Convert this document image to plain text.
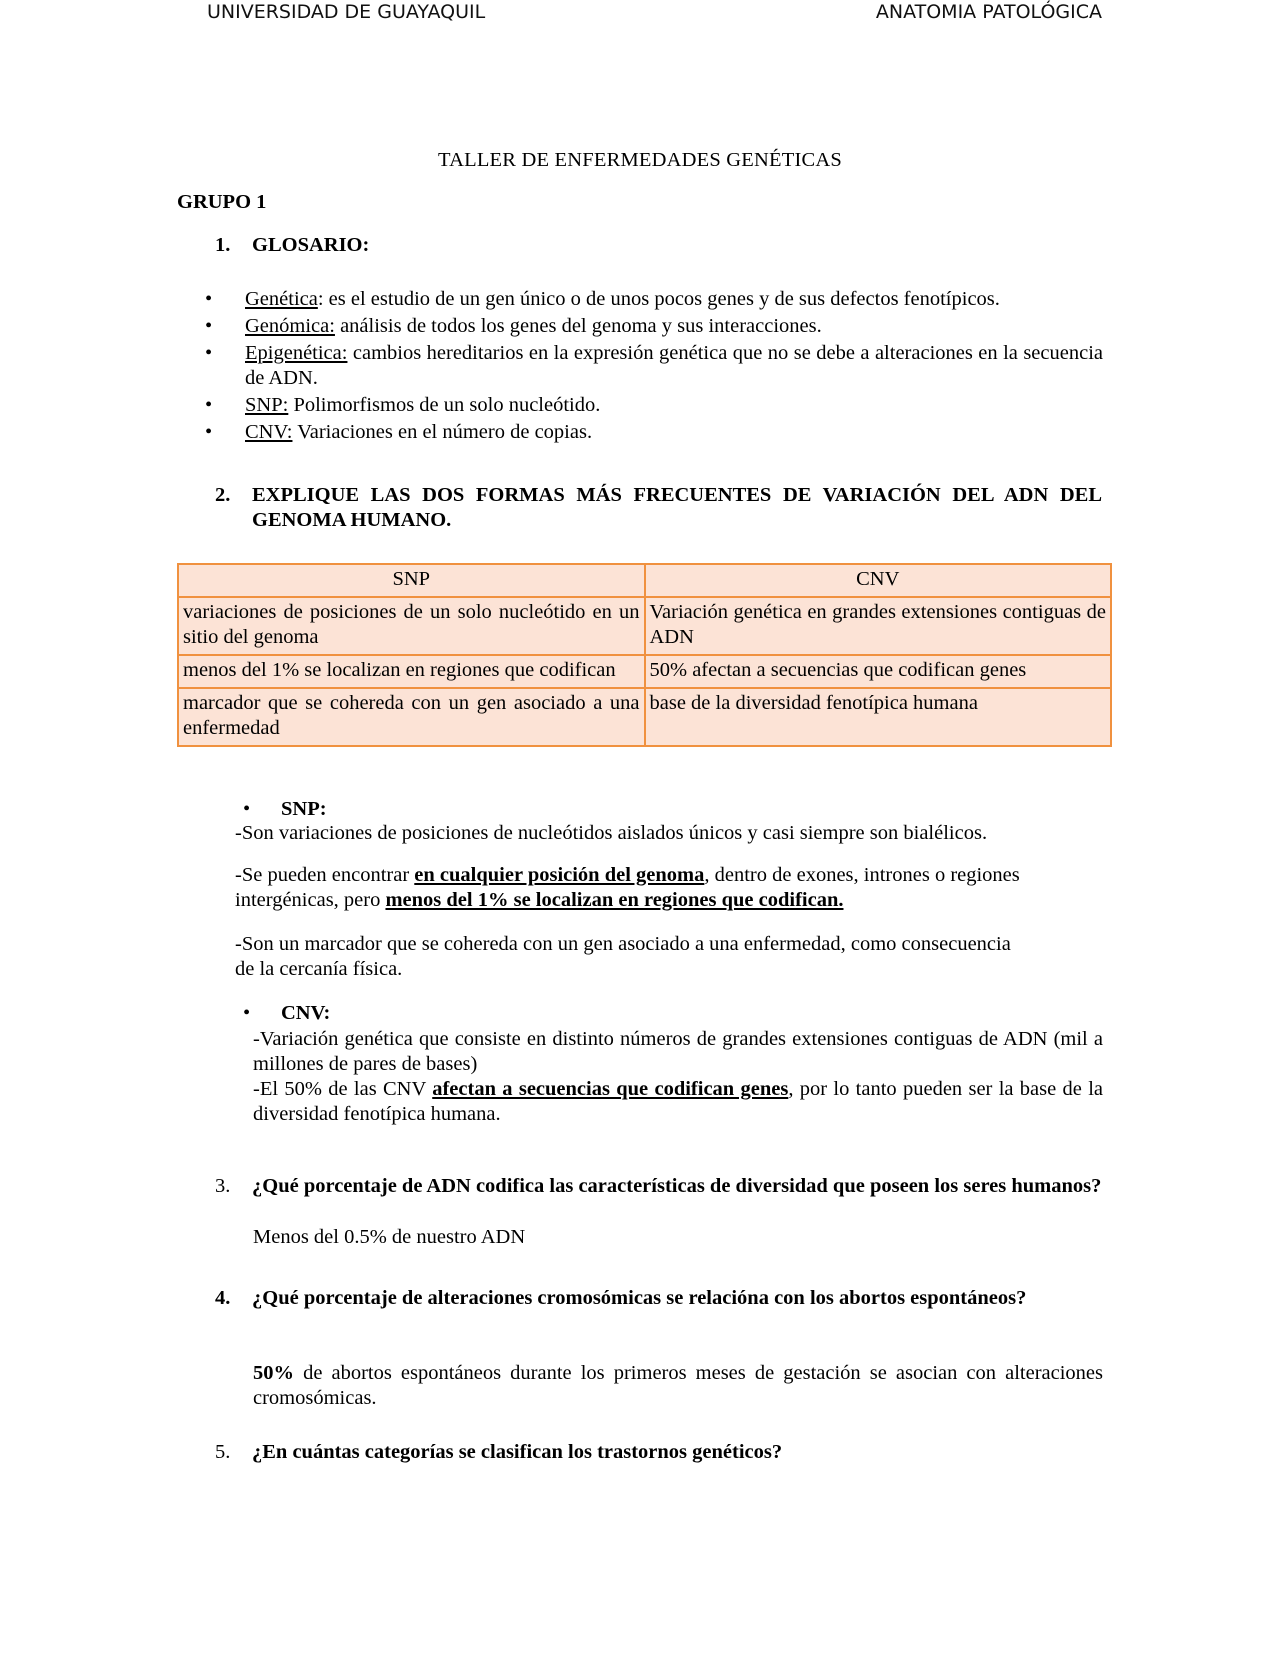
UNIVERSIDAD DE GUAYAQUIL	ANATOMIA PATOLÓGICA
TALLER DE ENFERMEDADES GENÉTICAS
GRUPO 1
1. GLOSARIO:
• Genética: es el estudio de un gen único o de unos pocos genes y de sus defectos fenotípicos.
• Genómica: análisis de todos los genes del genoma y sus interacciones.
• Epigenética: cambios hereditarios en la expresión genética que no se debe a alteraciones en la secuencia de ADN.
• SNP: Polimorfismos de un solo nucleótido.
• CNV: Variaciones en el número de copias.
2. EXPLIQUE LAS DOS FORMAS MÁS FRECUENTES DE VARIACIÓN DEL ADN DEL GENOMA HUMANO.
SNP	CNV
variaciones de posiciones de un solo nucleótido en un sitio del genoma	Variación genética en grandes extensiones contiguas de ADN
menos del 1% se localizan en regiones que codifican	50% afectan a secuencias que codifican genes
marcador que se cohereda con un gen asociado a una enfermedad	base de la diversidad fenotípica humana
• SNP:
-Son variaciones de posiciones de nucleótidos aislados únicos y casi siempre son bialélicos.
-Se pueden encontrar en cualquier posición del genoma, dentro de exones, intrones o regiones intergénicas, pero menos del 1% se localizan en regiones que codifican.
-Son un marcador que se cohereda con un gen asociado a una enfermedad, como consecuencia de la cercanía física.
• CNV:
-Variación genética que consiste en distinto números de grandes extensiones contiguas de ADN (mil a millones de pares de bases)
-El 50% de las CNV afectan a secuencias que codifican genes, por lo tanto pueden ser la base de la diversidad fenotípica humana.
3. ¿Qué porcentaje de ADN codifica las características de diversidad que poseen los seres humanos?
Menos del 0.5% de nuestro ADN
4. ¿Qué porcentaje de alteraciones cromosómicas se relacióna con los abortos espontáneos?
50% de abortos espontáneos durante los primeros meses de gestación se asocian con alteraciones cromosómicas.
5. ¿En cuántas categorías se clasifican los trastornos genéticos?
